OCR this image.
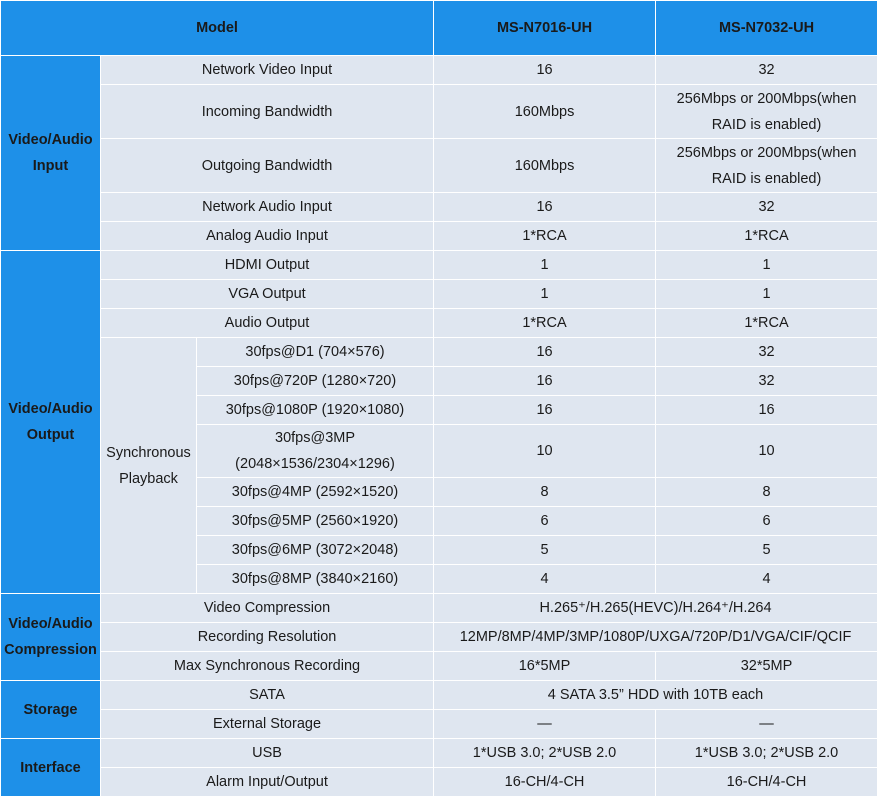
Model			MS-N7016-UH	MS-N7032-UH
Video/Audio Input	Network Video Input		16	32
	Incoming Bandwidth		160Mbps	256Mbps or 200Mbps(when RAID is enabled)
	Outgoing Bandwidth		160Mbps	256Mbps or 200Mbps(when RAID is enabled)
	Network Audio Input		16	32
	Analog Audio Input		1*RCA	1*RCA
Video/Audio Output	HDMI Output		1	1
	VGA Output		1	1
	Audio Output		1*RCA	1*RCA
	Synchronous Playback	30fps@D1 (704×576)	16	32
		30fps@720P (1280×720)	16	32
		30fps@1080P (1920×1080)	16	16
		30fps@3MP (2048×1536/2304×1296)	10	10
		30fps@4MP (2592×1520)	8	8
		30fps@5MP (2560×1920)	6	6
		30fps@6MP (3072×2048)	5	5
		30fps@8MP (3840×2160)	4	4
Video/Audio Compression	Video Compression		H.265⁺/H.265(HEVC)/H.264⁺/H.264	
	Recording Resolution		12MP/8MP/4MP/3MP/1080P/UXGA/720P/D1/VGA/CIF/QCIF	
	Max Synchronous Recording		16*5MP	32*5MP
Storage	SATA		4 SATA 3.5” HDD with 10TB each	
	External Storage		—	—
Interface	USB		1*USB 3.0; 2*USB 2.0	1*USB 3.0; 2*USB 2.0
	Alarm Input/Output		16-CH/4-CH	16-CH/4-CH
